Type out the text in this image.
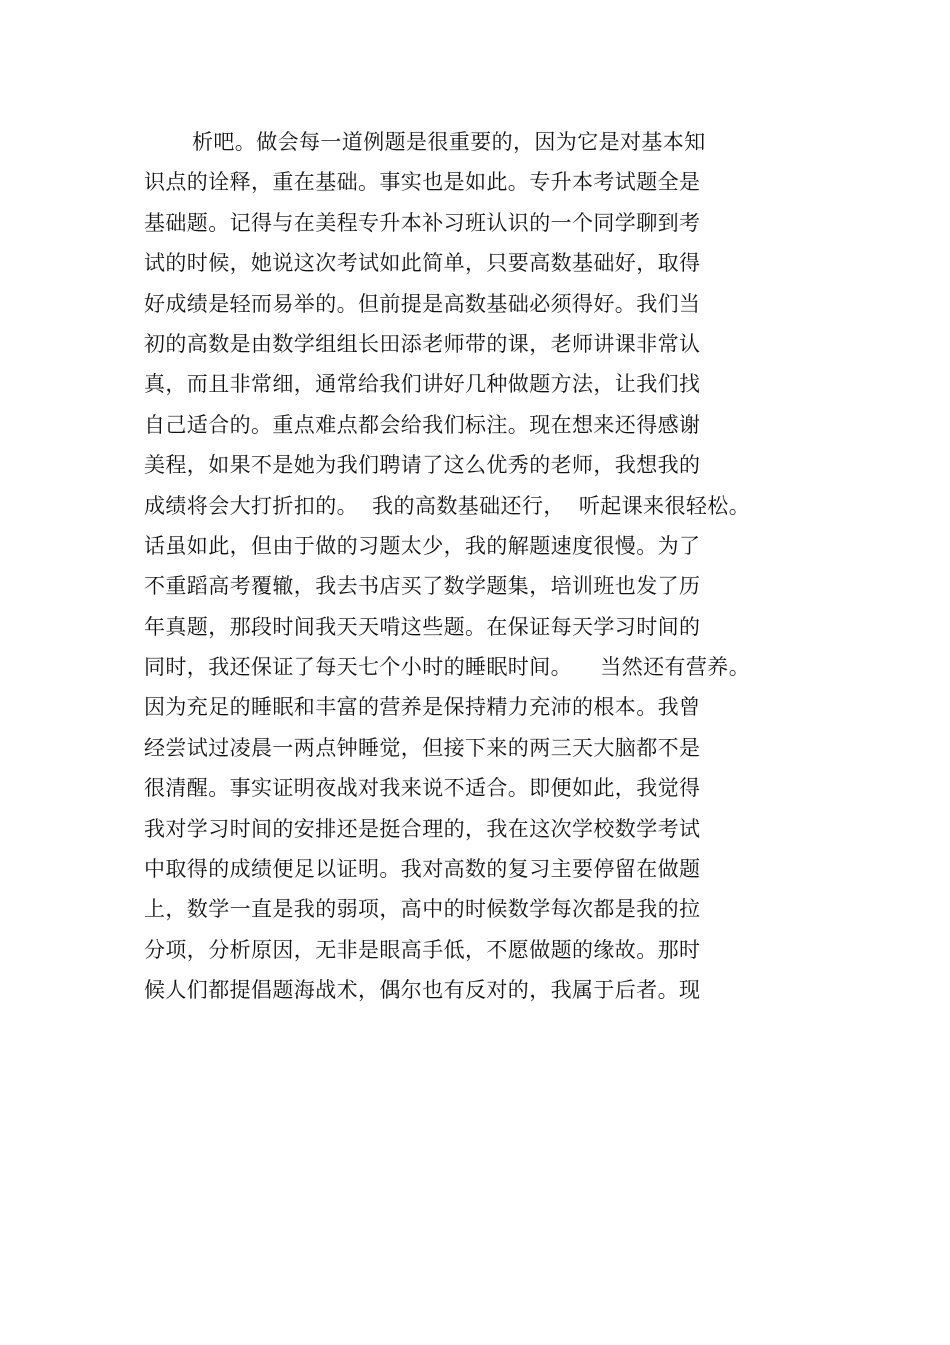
析吧。做会每一道例题是很重要的，因为它是对基本知
识点的诠释，重在基础。事实也是如此。专升本考试题全是
基础题。记得与在美程专升本补习班认识的一个同学聊到考
试的时候，她说这次考试如此简单，只要高数基础好，取得
好成绩是轻而易举的。但前提是高数基础必须得好。我们当
初的高数是由数学组组长田添老师带的课，老师讲课非常认
真，而且非常细，通常给我们讲好几种做题方法，让我们找
自己适合的。重点难点都会给我们标注。现在想来还得感谢
美程，如果不是她为我们聘请了这么优秀的老师，我想我的
成绩将会大打折扣的。  我的高数基础还行，  听起课来很轻松。
话虽如此，但由于做的习题太少，我的解题速度很慢。为了
不重蹈高考覆辙，我去书店买了数学题集，培训班也发了历
年真题，那段时间我天天啃这些题。在保证每天学习时间的
同时，我还保证了每天七个小时的睡眠时间。    当然还有营养。
因为充足的睡眠和丰富的营养是保持精力充沛的根本。我曾
经尝试过凌晨一两点钟睡觉，但接下来的两三天大脑都不是
很清醒。事实证明夜战对我来说不适合。即便如此，我觉得
我对学习时间的安排还是挺合理的，我在这次学校数学考试
中取得的成绩便足以证明。我对高数的复习主要停留在做题
上，数学一直是我的弱项，高中的时候数学每次都是我的拉
分项，分析原因，无非是眼高手低，不愿做题的缘故。那时
候人们都提倡题海战术，偶尔也有反对的，我属于后者。现
